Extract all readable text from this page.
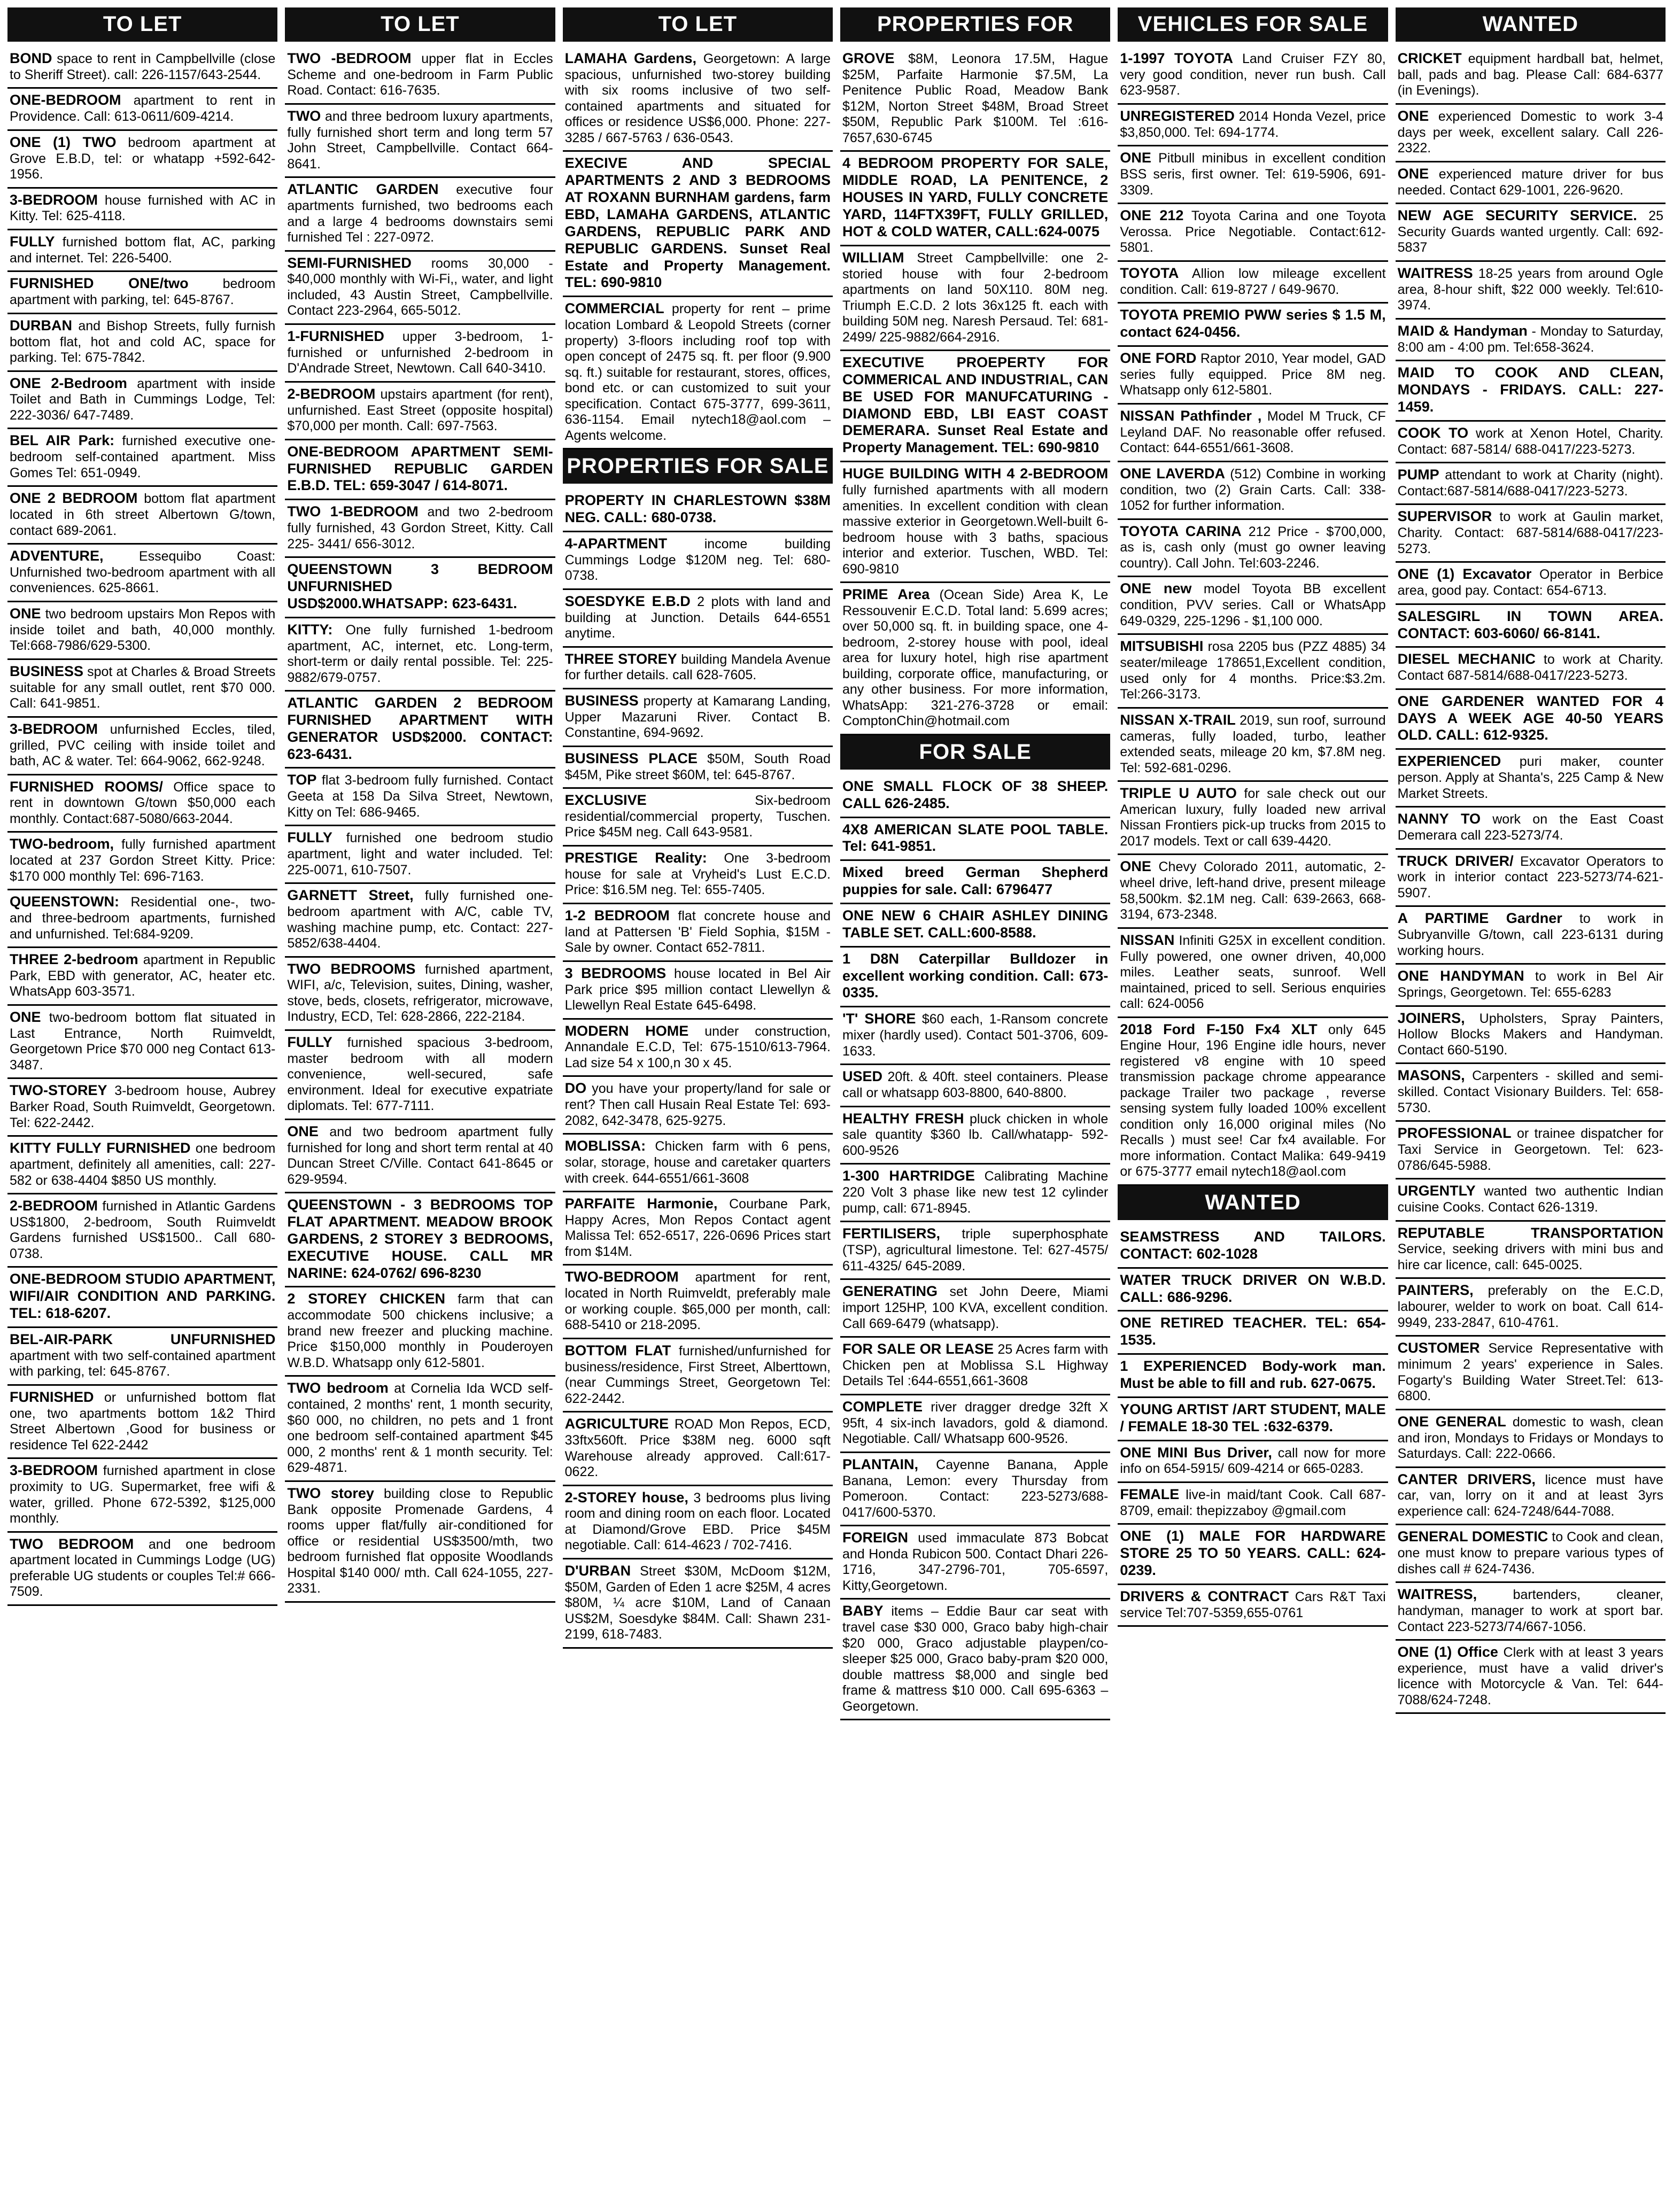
TO LET
BOND space to rent in Campbellville (close to Sheriff Street). call: 226-1157/643-2544.
ONE-BEDROOM apartment to rent in Providence. Call: 613-0611/609-4214.
ONE (1) TWO bedroom apartment at Grove E.B.D, tel: or whatapp +592-642-1956.
3-BEDROOM house furnished with AC in Kitty. Tel: 625-4118.
FULLY furnished bottom flat, AC, parking and internet. Tel: 226-5400.
FURNISHED ONE/two	bedroom apartment with parking, tel: 645-8767.
DURBAN and Bishop Streets, fully furnish bottom flat, hot and cold AC, space for parking. Tel: 675-7842.
ONE 2-Bedroom apartment with inside Toilet and Bath in Cummings Lodge, Tel: 222-3036/ 647-7489.
BEL AIR Park: furnished executive one-bedroom self-contained apartment. Miss Gomes Tel: 651-0949.
ONE 2 BEDROOM bottom flat apartment located in 6th street Albertown G/town, contact 689-2061.
ADVENTURE,	Essequibo Coast: Unfurnished two-bedroom apartment with all conveniences. 625-8661.
ONE two bedroom upstairs Mon Repos with inside toilet and bath, 40,000 monthly. Tel:668-7986/629-5300.
BUSINESS spot at Charles & Broad Streets suitable for any small outlet, rent $70 000. Call: 641-9851.
3-BEDROOM unfurnished Eccles, tiled, grilled, PVC ceiling with inside toilet and bath, AC & water. Tel: 664-9062, 662-9248.
FURNISHED ROOMS/ Office space to rent in downtown G/town $50,000 each monthly. Contact:687-5080/663-2044.
TWO-bedroom, fully furnished apartment located at 237 Gordon Street Kitty. Price: $170 000 monthly Tel: 696-7163.
QUEENSTOWN: Residential one-, two- and three-bedroom apartments, furnished and unfurnished. Tel:684-9209.
THREE 2-bedroom apartment in Republic Park, EBD with generator, AC, heater etc. WhatsApp 603-3571.
ONE two-bedroom bottom flat situated in Last Entrance, North Ruimveldt, Georgetown Price $70 000 neg Contact 613-3487.
TWO-STOREY 3-bedroom house, Aubrey Barker Road, South Ruimveldt, Georgetown. Tel: 622-2442.
KITTY FULLY FURNISHED one bedroom apartment, definitely all amenities, call: 227-582 or 638-4404 $850 US monthly.
2-BEDROOM furnished in Atlantic Gardens US$1800, 2-bedroom, South Ruimveldt Gardens furnished US$1500.. Call 680-0738.
ONE-BEDROOM STUDIO APARTMENT, WIFI/AIR CONDITION AND PARKING. TEL: 618-6207.
BEL-AIR-PARK UNFURNISHED apartment with two self-contained apartment with parking, tel: 645-8767.
FURNISHED or unfurnished bottom flat one, two apartments bottom 1&2 Third Street Albertown ,Good for business or residence Tel 622-2442
3-BEDROOM furnished apartment in close proximity to UG. Supermarket, free wifi & water, grilled. Phone 672-5392, $125,000 monthly.
TWO BEDROOM and one bedroom apartment located in Cummings Lodge (UG) preferable UG students or couples Tel:# 666-7509.
TO LET
TWO -BEDROOM upper flat in Eccles Scheme and one-bedroom in Farm Public Road. Contact: 616-7635.
TWO and three bedroom luxury apartments, fully furnished short term and long term 57 John Street, Campbellville. Contact 664-8641.
ATLANTIC GARDEN executive four apartments furnished, two bedrooms each and a large 4 bedrooms downstairs semi furnished Tel : 227-0972.
SEMI-FURNISHED rooms 30,000 - $40,000 monthly with Wi-Fi,, water, and light included, 43 Austin Street, Campbellville. Contact 223-2964, 665-5012.
1-FURNISHED upper 3-bedroom, 1-furnished or unfurnished 2-bedroom in D'Andrade Street, Newtown. Call 640-3410.
2-BEDROOM upstairs apartment (for rent), unfurnished. East Street (opposite hospital) $70,000 per month. Call: 697-7563.
ONE-BEDROOM APARTMENT SEMI-FURNISHED REPUBLIC GARDEN E.B.D. TEL: 659-3047 / 614-8071.
TWO 1-BEDROOM and two 2-bedroom fully furnished, 43 Gordon Street, Kitty. Call 225- 3441/ 656-3012.
QUEENSTOWN 3 BEDROOM UNFURNISHED USD$2000.WHATSAPP: 623-6431.
KITTY: One fully furnished 1-bedroom apartment, AC, internet, etc. Long-term, short-term or daily rental possible. Tel: 225-9882/679-0757.
ATLANTIC GARDEN 2 BEDROOM FURNISHED APARTMENT WITH GENERATOR USD$2000. CONTACT: 623-6431.
TOP flat 3-bedroom fully furnished. Contact Geeta at 158 Da Silva Street, Newtown, Kitty on Tel: 686-9465.
FULLY furnished one bedroom studio apartment, light and water included. Tel: 225-0071, 610-7507.
GARNETT Street, fully furnished one-bedroom apartment with A/C, cable TV, washing machine pump, etc. Contact: 227-5852/638-4404.
TWO BEDROOMS furnished apartment, WIFI, a/c, Television, suites, Dining, washer, stove, beds, closets, refrigerator, microwave, Industry, ECD, Tel: 628-2866, 222-2184.
FULLY furnished spacious 3-bedroom, master bedroom with all modern convenience, well-secured, safe environment. Ideal for executive expatriate diplomats. Tel: 677-7111.
ONE and two bedroom apartment fully furnished for long and short term rental at 40 Duncan Street C/Ville. Contact 641-8645 or 629-9594.
QUEENSTOWN - 3 BEDROOMS TOP FLAT APARTMENT. MEADOW BROOK GARDENS, 2 STOREY 3 BEDROOMS, EXECUTIVE HOUSE. CALL MR NARINE: 624-0762/ 696-8230
2 STOREY CHICKEN farm that can accommodate 500 chickens inclusive; a brand new freezer and plucking machine. Price $150,000 monthly in Pouderoyen W.B.D. Whatsapp only 612-5801.
TWO bedroom at Cornelia Ida WCD self-contained, 2 months' rent, 1 month security, $60 000, no children, no pets and 1 front one bedroom self-contained apartment $45 000, 2 months' rent & 1 month security. Tel: 629-4871.
TWO storey building close to Republic Bank opposite Promenade Gardens, 4 rooms upper flat/fully air-conditioned for office or residential US$3500/mth, two bedroom furnished flat opposite Woodlands Hospital $140 000/ mth. Call 624-1055, 227-2331.
TO LET
LAMAHA Gardens, Georgetown: A large spacious, unfurnished two-storey building with six rooms inclusive of two self-contained apartments and situated for offices or residence US$6,000. Phone: 227-3285 / 667-5763 / 636-0543.
EXECIVE AND SPECIAL APARTMENTS 2 AND 3 BEDROOMS AT ROXANN BURNHAM gardens, farm EBD, LAMAHA GARDENS, ATLANTIC GARDENS, REPUBLIC PARK AND REPUBLIC GARDENS. Sunset Real Estate and Property Management. TEL: 690-9810
COMMERCIAL property for rent – prime location Lombard & Leopold Streets (corner property) 3-floors including roof top with open concept of 2475 sq. ft. per floor (9.900 sq. ft.) suitable for restaurant, stores, offices, bond etc. or can customized to suit your specification. Contact 675-3777, 699-3611, 636-1154. Email nytech18@aol.com – Agents welcome.
PROPERTIES FOR SALE
PROPERTY IN CHARLESTOWN $38M NEG. CALL: 680-0738.
4-APARTMENT	income building Cummings Lodge $120M neg. Tel: 680-0738.
SOESDYKE E.B.D 2 plots with land and building at Junction. Details 644-6551 anytime.
THREE STOREY building Mandela Avenue for further details. call 628-7605.
BUSINESS property at Kamarang Landing, Upper Mazaruni River. Contact B. Constantine, 694-9692.
BUSINESS PLACE $50M, South Road $45M, Pike street $60M, tel: 645-8767.
EXCLUSIVE	Six-bedroom residential/commercial property, Tuschen. Price $45M neg. Call 643-9581.
PRESTIGE Reality: One 3-bedroom house for sale at Vryheid's Lust E.C.D. Price: $16.5M neg. Tel: 655-7405.
1-2 BEDROOM flat concrete house and land at Pattersen 'B' Field Sophia, $15M - Sale by owner. Contact 652-7811.
3 BEDROOMS house located in Bel Air Park price $95 million contact Llewellyn & Llewellyn Real Estate 645-6498.
MODERN HOME under construction, Annandale E.C.D, Tel: 675-1510/613-7964. Lad size 54 x 100,n 30 x 45.
DO you have your property/land for sale or rent? Then call Husain Real Estate Tel: 693-2082, 642-3478, 625-9275.
MOBLISSA: Chicken farm with 6 pens, solar, storage, house and caretaker quarters with creek. 644-6551/661-3608
PARFAITE Harmonie, Courbane Park, Happy Acres, Mon Repos Contact agent Malissa Tel: 652-6517, 226-0696 Prices start from $14M.
TWO-BEDROOM apartment for rent, located in North Ruimveldt, preferably male or working couple. $65,000 per month, call: 688-5410 or 218-2095.
BOTTOM FLAT furnished/unfurnished for business/residence, First Street, Alberttown, (near Cummings Street, Georgetown Tel: 622-2442.
AGRICULTURE ROAD Mon Repos, ECD, 33ftx560ft. Price $38M neg. 6000 sqft Warehouse already approved. Call:617-0622.
2-STOREY house, 3 bedrooms plus living room and dining room on each floor. Located at Diamond/Grove EBD. Price $45M negotiable. Call: 614-4623 / 702-7416.
D'URBAN Street $30M, McDoom $12M, $50M, Garden of Eden 1 acre $25M, 4 acres $80M, ¼ acre $10M, Land of Canaan US$2M, Soesdyke $84M. Call: Shawn 231-2199, 618-7483.
PROPERTIES FOR
GROVE $8M, Leonora 17.5M, Hague $25M, Parfaite Harmonie $7.5M, La Penitence Public Road, Meadow Bank $12M, Norton Street $48M, Broad Street $50M, Republic Park $100M. Tel :616-7657,630-6745
4 BEDROOM PROPERTY FOR SALE, MIDDLE ROAD, LA PENITENCE, 2 HOUSES IN YARD, FULLY CONCRETE YARD, 114FTX39FT, FULLY GRILLED, HOT & COLD WATER, CALL:624-0075
WILLIAM Street Campbellville: one 2-storied house with four 2-bedroom apartments on land 50X110. 80M neg. Triumph E.C.D. 2 lots 36x125 ft. each with building 50M neg. Naresh Persaud. Tel: 681-2499/ 225-9882/664-2916.
EXECUTIVE PROEPERTY FOR COMMERICAL AND INDUSTRIAL, CAN BE USED FOR MANUFCATURING - DIAMOND EBD, LBI EAST COAST DEMERARA. Sunset Real Estate and Property Management. TEL: 690-9810
HUGE BUILDING WITH 4 2-BEDROOM fully furnished apartments with all modern amenities. In excellent condition with clean massive exterior in Georgetown.Well-built 6- bedroom house with 3 baths, spacious interior and exterior. Tuschen, WBD. Tel: 690-9810
PRIME Area (Ocean Side) Area K, Le Ressouvenir E.C.D. Total land: 5.699 acres; over 50,000 sq. ft. in building space, one 4-bedroom, 2-storey house with pool, ideal area for luxury hotel, high rise apartment building, corporate office, manufacturing, or any other business. For more information, WhatsApp: 321-276-3728 or email: ComptonChin@hotmail.com
FOR SALE
ONE SMALL FLOCK OF 38 SHEEP. CALL 626-2485.
4X8 AMERICAN SLATE POOL TABLE. Tel: 641-9851.
Mixed breed German Shepherd puppies for sale. Call: 6796477
ONE NEW 6 CHAIR ASHLEY DINING TABLE SET. CALL:600-8588.
1 D8N Caterpillar Bulldozer in excellent working condition. Call: 673-0335.
'T' SHORE $60 each, 1-Ransom concrete mixer (hardly used). Contact 501-3706, 609-1633.
USED 20ft. & 40ft. steel containers. Please call or whatsapp 603-8800, 640-8800.
HEALTHY FRESH pluck chicken in whole sale quantity $360 lb. Call/whatapp- 592-600-9526
1-300 HARTRIDGE Calibrating Machine 220 Volt 3 phase like new test 12 cylinder pump, call: 671-8945.
FERTILISERS, triple superphosphate (TSP), agricultural limestone. Tel: 627-4575/ 611-4325/ 645-2089.
GENERATING set John Deere, Miami import 125HP, 100 KVA, excellent condition. Call 669-6479 (whatsapp).
FOR SALE OR LEASE 25 Acres farm with Chicken pen at Moblissa S.L Highway Details Tel :644-6551,661-3608
COMPLETE river dragger dredge 32ft X 95ft, 4 six-inch lavadors, gold & diamond. Negotiable. Call/ Whatsapp 600-9526.
PLANTAIN, Cayenne Banana, Apple Banana, Lemon: every Thursday from Pomeroon. Contact: 223-5273/688-0417/600-5370.
FOREIGN used immaculate 873 Bobcat and Honda Rubicon 500. Contact Dhari 226-1716, 347-2796-701, 705-6597, Kitty,Georgetown.
BABY items – Eddie Baur car seat with travel case $30 000, Graco baby high-chair $20 000, Graco adjustable playpen/co-sleeper $25 000, Graco baby-pram $20 000, double mattress $8,000 and single bed frame & mattress $10 000. Call 695-6363 – Georgetown.
VEHICLES FOR SALE
1-1997 TOYOTA Land Cruiser FZY 80, very good condition, never run bush. Call 623-9587.
UNREGISTERED 2014 Honda Vezel, price $3,850,000. Tel: 694-1774.
ONE Pitbull minibus in excellent condition BSS seris, first owner. Tel: 619-5906, 691-3309.
ONE 212 Toyota Carina and one Toyota Verossa. Price Negotiable. Contact:612-5801.
TOYOTA Allion low mileage excellent condition. Call: 619-8727 / 649-9670.
TOYOTA PREMIO PWW series $ 1.5 M, contact 624-0456.
ONE FORD Raptor 2010, Year model, GAD series fully equipped. Price 8M neg. Whatsapp only 612-5801.
NISSAN Pathfinder , Model M Truck, CF Leyland DAF. No reasonable offer refused. Contact: 644-6551/661-3608.
ONE LAVERDA (512) Combine in working condition, two (2) Grain Carts. Call: 338-1052 for further information.
TOYOTA CARINA 212 Price - $700,000, as is, cash only (must go owner leaving country). Call John. Tel:603-2246.
ONE new model Toyota BB excellent condition, PVV series. Call or WhatsApp 649-0329, 225-1296 - $1,100 000.
MITSUBISHI rosa 2205 bus (PZZ 4885) 34 seater/mileage 178651,Excellent condition, used only for 4 months. Price:$3.2m. Tel:266-3173.
NISSAN X-TRAIL 2019, sun roof, surround cameras, fully loaded, turbo, leather extended seats, mileage 20 km, $7.8M neg. Tel: 592-681-0296.
TRIPLE U AUTO for sale check out our American luxury, fully loaded new arrival Nissan Frontiers pick-up trucks from 2015 to 2017 models. Text or call 639-4420.
ONE Chevy Colorado 2011, automatic, 2-wheel drive, left-hand drive, present mileage 58,500km. $2.1M neg. Call: 639-2663, 668-3194, 673-2348.
NISSAN Infiniti G25X in excellent condition. Fully powered, one owner driven, 40,000 miles. Leather seats, sunroof. Well maintained, priced to sell. Serious enquiries call: 624-0056
2018 Ford F-150 Fx4 XLT only 645 Engine Hour, 196 Engine idle hours, never registered v8 engine with 10 speed transmission package chrome appearance package Trailer two package , reverse sensing system fully loaded 100% excellent condition only 16,000 original miles (No Recalls ) must see! Car fx4 available. For more information. Contact Malika: 649-9419 or 675-3777 email nytech18@aol.com
WANTED
SEAMSTRESS AND TAILORS. CONTACT: 602-1028
WATER TRUCK DRIVER ON W.B.D. CALL: 686-9296.
ONE RETIRED TEACHER. TEL: 654-1535.
1 EXPERIENCED Body-work man. Must be able to fill and rub. 627-0675.
YOUNG ARTIST /ART STUDENT, MALE / FEMALE 18-30 TEL :632-6379.
ONE MINI Bus Driver, call now for more info on 654-5915/ 609-4214 or 665-0283.
FEMALE live-in maid/tant Cook. Call 687-8709, email: thepizzaboy @gmail.com
ONE (1) MALE FOR HARDWARE STORE 25 TO 50 YEARS. CALL: 624-0239.
DRIVERS & CONTRACT Cars R&T Taxi service Tel:707-5359,655-0761
WANTED
CRICKET equipment hardball bat, helmet, ball, pads and bag. Please Call: 684-6377 (in Evenings).
ONE experienced Domestic to work 3-4 days per week, excellent salary. Call 226-2322.
ONE experienced mature driver for bus needed. Contact 629-1001, 226-9620.
NEW AGE SECURITY SERVICE. 25 Security Guards wanted urgently. Call: 692-5837
WAITRESS 18-25 years from around Ogle area, 8-hour shift, $22 000 weekly. Tel:610-3974.
MAID & Handyman - Monday to Saturday, 8:00 am - 4:00 pm. Tel:658-3624.
MAID TO COOK AND CLEAN, MONDAYS - FRIDAYS. CALL: 227-1459.
COOK TO work at Xenon Hotel, Charity. Contact: 687-5814/ 688-0417/223-5273.
PUMP attendant to work at Charity (night). Contact:687-5814/688-0417/223-5273.
SUPERVISOR to work at Gaulin market, Charity. Contact: 687-5814/688-0417/223-5273.
ONE (1) Excavator Operator in Berbice area, good pay. Contact: 654-6713.
SALESGIRL IN TOWN AREA. CONTACT: 603-6060/ 66-8141.
DIESEL MECHANIC to work at Charity. Contact 687-5814/688-0417/223-5273.
ONE GARDENER WANTED FOR 4 DAYS A WEEK AGE 40-50 YEARS OLD. CALL: 612-9325.
EXPERIENCED puri maker, counter person. Apply at Shanta's, 225 Camp & New Market Streets.
NANNY TO work on the East Coast Demerara call 223-5273/74.
TRUCK DRIVER/ Excavator Operators to work in interior contact 223-5273/74-621-5907.
A PARTIME Gardner to work in Subryanville G/town, call 223-6131 during working hours.
ONE HANDYMAN to work in Bel Air Springs, Georgetown. Tel: 655-6283
JOINERS, Upholsters, Spray Painters, Hollow Blocks Makers and Handyman. Contact 660-5190.
MASONS, Carpenters - skilled and semi-skilled. Contact Visionary Builders. Tel: 658-5730.
PROFESSIONAL or trainee dispatcher for Taxi Service in Georgetown. Tel: 623-0786/645-5988.
URGENTLY wanted two authentic Indian cuisine Cooks. Contact 626-1319.
REPUTABLE TRANSPORTATION Service, seeking drivers with mini bus and hire car licence, call: 645-0025.
PAINTERS, preferably on the E.C.D, labourer, welder to work on boat. Call 614-9949, 233-2847, 610-4761.
CUSTOMER Service Representative with minimum 2 years' experience in Sales. Fogarty's Building Water Street.Tel: 613-6800.
ONE GENERAL domestic to wash, clean and iron, Mondays to Fridays or Mondays to Saturdays. Call: 222-0666.
CANTER DRIVERS, licence must have car, van, lorry on it and at least 3yrs experience call: 624-7248/644-7088.
GENERAL DOMESTIC to Cook and clean, one must know to prepare various types of dishes call # 624-7436.
WAITRESS,	bartenders, cleaner, handyman, manager to work at sport bar. Contact 223-5273/74/667-1056.
ONE (1) Office Clerk with at least 3 years experience, must have a valid driver's licence with Motorcycle & Van. Tel: 644-7088/624-7248.
